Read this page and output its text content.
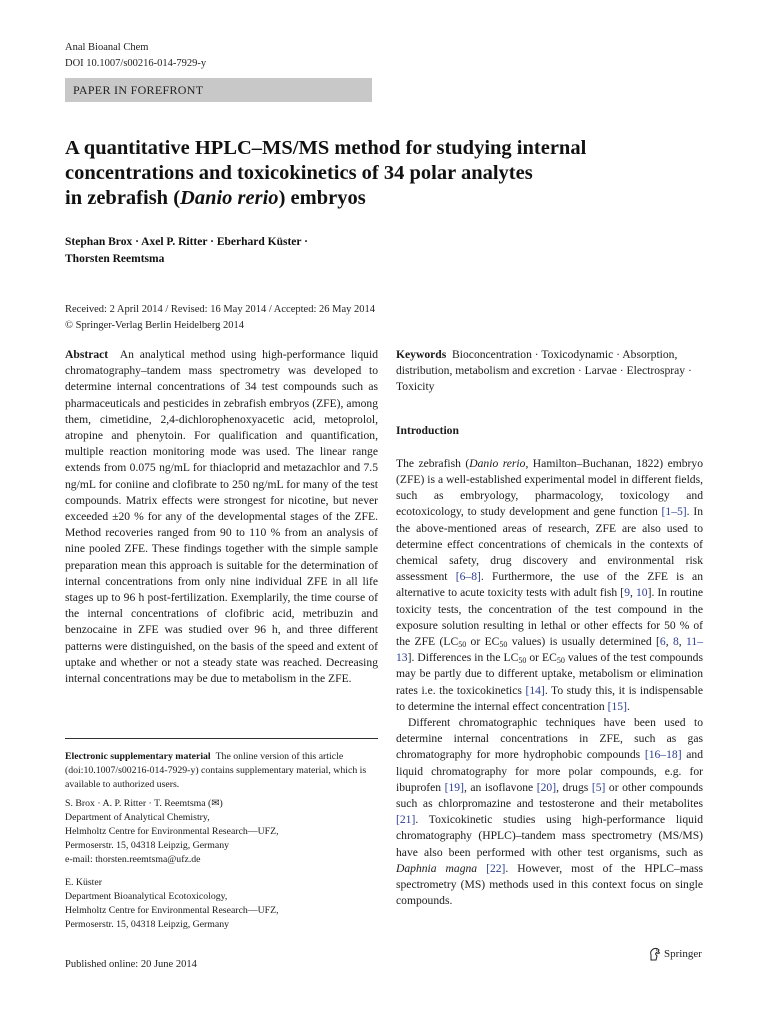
Anal Bioanal Chem
DOI 10.1007/s00216-014-7929-y
PAPER IN FOREFRONT
A quantitative HPLC–MS/MS method for studying internal
concentrations and toxicokinetics of 34 polar analytes
in zebrafish (Danio rerio) embryos
Stephan Brox · Axel P. Ritter · Eberhard Küster ·
Thorsten Reemtsma
Received: 2 April 2014 / Revised: 16 May 2014 / Accepted: 26 May 2014
© Springer-Verlag Berlin Heidelberg 2014

Abstract An analytical method using high-performance liquid chromatography–tandem mass spectrometry was developed to determine internal concentrations of 34 test compounds such as pharmaceuticals and pesticides in zebrafish embryos (ZFE), among them, cimetidine, 2,4-dichlorophenoxyacetic acid, metoprolol, atropine and phenytoin. For qualification and quantification, multiple reaction monitoring mode was used. The linear range extends from 0.075 ng/mL for thiacloprid and metazachlor and 7.5 ng/mL for coniine and clofibrate to 250 ng/mL for many of the test compounds. Matrix effects were strongest for nicotine, but never exceeded ±20 % for any of the developmental stages of the ZFE. Method recoveries ranged from 90 to 110 % from an analysis of nine pooled ZFE. These findings together with the simple sample preparation mean this approach is suitable for the determination of internal concentrations from only nine individual ZFE in all life stages up to 96 h post-fertilization. Exemplarily, the time course of the internal concentrations of clofibric acid, metribuzin and benzocaine in ZFE was studied over 96 h, and three different patterns were distinguished, on the basis of the speed and extent of uptake and whether or not a steady state was reached. Decreasing internal concentrations may be due to metabolism in the ZFE.

Electronic supplementary material The online version of this article (doi:10.1007/s00216-014-7929-y) contains supplementary material, which is available to authorized users.
S. Brox · A. P. Ritter · T. Reemtsma (✉)
Department of Analytical Chemistry,
Helmholtz Centre for Environmental Research—UFZ,
Permoserstr. 15, 04318 Leipzig, Germany
e-mail: thorsten.reemtsma@ufz.de
E. Küster
Department Bioanalytical Ecotoxicology,
Helmholtz Centre for Environmental Research—UFZ,
Permoserstr. 15, 04318 Leipzig, Germany

Keywords Bioconcentration · Toxicodynamic · Absorption, distribution, metabolism and excretion · Larvae · Electrospray · Toxicity

Introduction

The zebrafish (Danio rerio, Hamilton–Buchanan, 1822) embryo (ZFE) is a well-established experimental model in different fields, such as embryology, pharmacology, toxicology and ecotoxicology, to study development and gene function [1–5]. In the above-mentioned areas of research, ZFE are also used to determine effect concentrations of chemicals in the contexts of chemical safety, drug discovery and environmental risk assessment [6–8]. Furthermore, the use of the ZFE is an alternative to acute toxicity tests with adult fish [9, 10]. In routine toxicity tests, the concentration of the test compound in the exposure solution resulting in lethal or other effects for 50 % of the ZFE ($LC_{50}$ or $EC_{50}$ values) is usually determined [6, 8, 11–13]. Differences in the $LC_{50}$ or $EC_{50}$ values of the test compounds may be partly due to different uptake, metabolism or elimination rates i.e. the toxicokinetics [14]. To study this, it is indispensable to determine the internal effect concentration [15].

Different chromatographic techniques have been used to determine internal concentrations in ZFE, such as gas chromatography for more hydrophobic compounds [16–18] and liquid chromatography for more polar compounds, e.g. for ibuprofen [19], an isoflavone [20], drugs [5] or other compounds such as chlorpromazine and testosterone and their metabolites [21]. Toxicokinetic studies using high-performance liquid chromatography (HPLC)–tandem mass spectrometry (MS/MS) have also been performed with other test organisms, such as Daphnia magna [22]. However, most of the HPLC–mass spectrometry (MS) methods used in this context focus on single compounds.

Published online: 20 June 2014
Springer
